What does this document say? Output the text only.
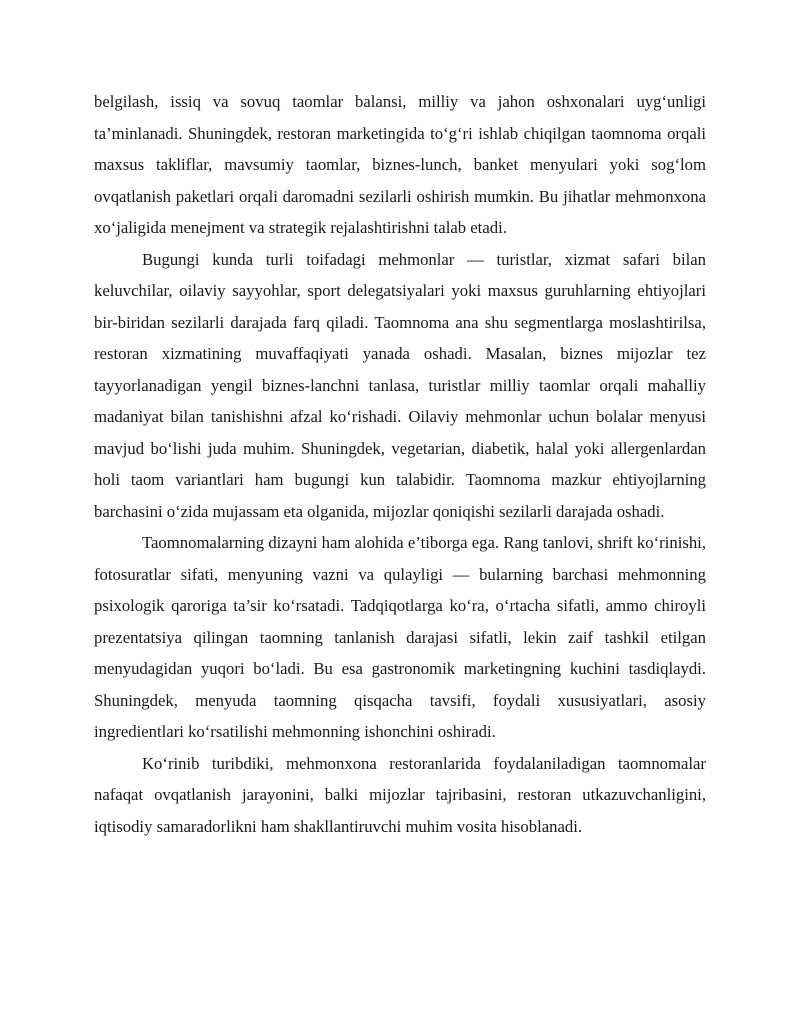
belgilash, issiq va sovuq taomlar balansi, milliy va jahon oshxonalari uyg‘unligi ta’minlanadi. Shuningdek, restoran marketingida to‘g‘ri ishlab chiqilgan taomnoma orqali maxsus takliflar, mavsumiy taomlar, biznes-lunch, banket menyulari yoki sog‘lom ovqatlanish paketlari orqali daromadni sezilarli oshirish mumkin. Bu jihatlar mehmonxona xo‘jaligida menejment va strategik rejalashtirishni talab etadi.

Bugungi kunda turli toifadagi mehmonlar — turistlar, xizmat safari bilan keluvchilar, oilaviy sayyohlar, sport delegatsiyalari yoki maxsus guruhlarning ehtiyojlari bir-biridan sezilarli darajada farq qiladi. Taomnoma ana shu segmentlarga moslashtirilsa, restoran xizmatining muvaffaqiyati yanada oshadi. Masalan, biznes mijozlar tez tayyorlanadigan yengil biznes-lanchni tanlasa, turistlar milliy taomlar orqali mahalliy madaniyat bilan tanishishni afzal ko‘rishadi. Oilaviy mehmonlar uchun bolalar menyusi mavjud bo‘lishi juda muhim. Shuningdek, vegetarian, diabetik, halal yoki allergenlardan holi taom variantlari ham bugungi kun talabidir. Taomnoma mazkur ehtiyojlarning barchasini o‘zida mujassam eta olganida, mijozlar qoniqishi sezilarli darajada oshadi.

Taomnomalarning dizayni ham alohida e’tiborga ega. Rang tanlovi, shrift ko‘rinishi, fotosuratlar sifati, menyuning vazni va qulayligi — bularning barchasi mehmonning psixologik qaroriga ta’sir ko‘rsatadi. Tadqiqotlarga ko‘ra, o‘rtacha sifatli, ammo chiroyli prezentatsiya qilingan taomning tanlanish darajasi sifatli, lekin zaif tashkil etilgan menyudagidan yuqori bo‘ladi. Bu esa gastronomik marketingning kuchini tasdiqlaydi. Shuningdek, menyuda taomning qisqacha tavsifi, foydali xususiyatlari, asosiy ingredientlari ko‘rsatilishi mehmonning ishonchini oshiradi.

Ko‘rinib turibdiki, mehmonxona restoranlarida foydalaniladigan taomnomalar nafaqat ovqatlanish jarayonini, balki mijozlar tajribasini, restoran utkazuvchanligini, iqtisodiy samaradorlikni ham shakllantiruvchi muhim vosita hisoblanadi.
